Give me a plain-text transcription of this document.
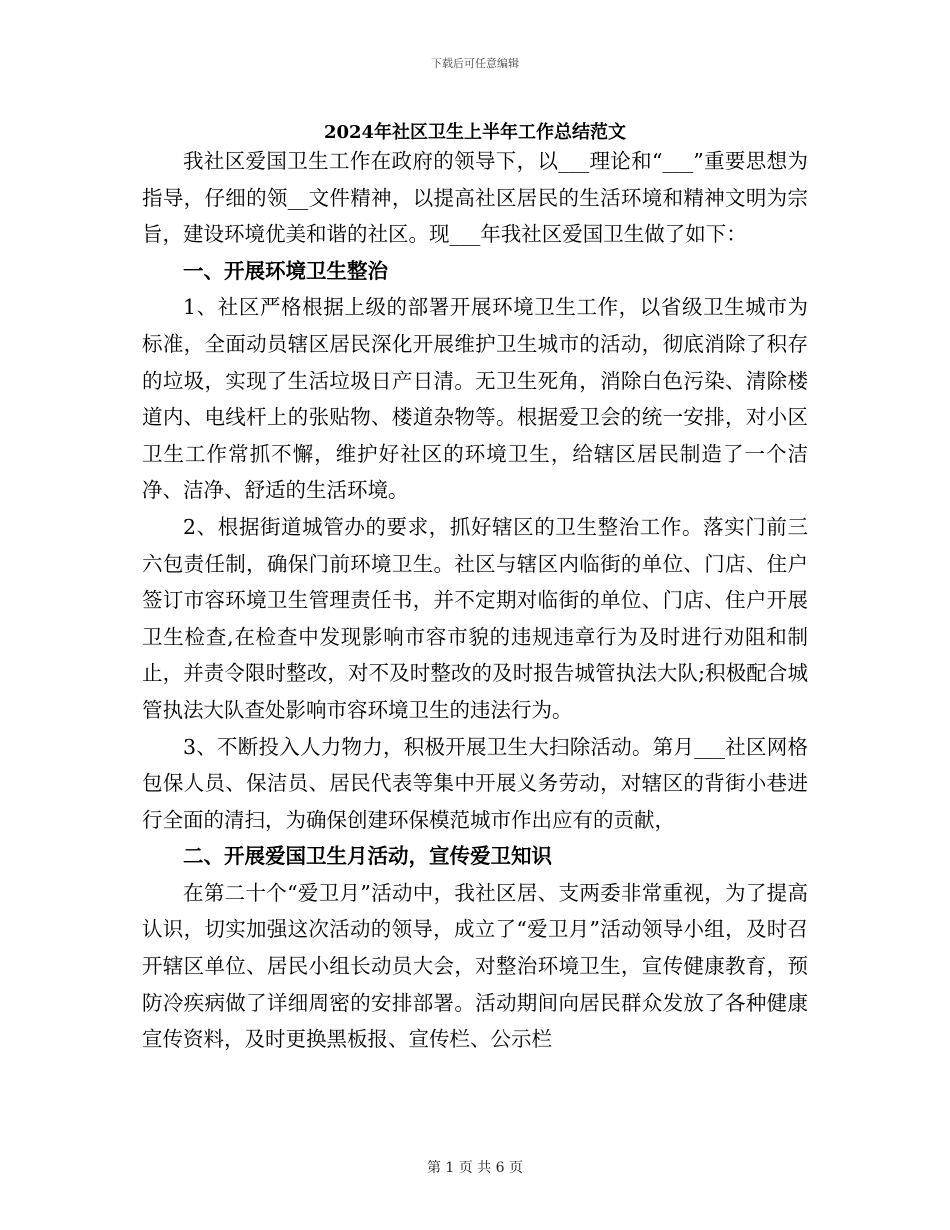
下载后可任意编辑
2024年社区卫生上半年工作总结范文

我社区爱国卫生工作在政府的领导下，以___理论和“___”重要思想为指导，仔细的领__文件精神，以提高社区居民的生活环境和精神文明为宗旨，建设环境优美和谐的社区。现___年我社区爱国卫生做了如下：

一、开展环境卫生整治

1、社区严格根据上级的部署开展环境卫生工作，以省级卫生城市为标准，全面动员辖区居民深化开展维护卫生城市的活动，彻底消除了积存的垃圾，实现了生活垃圾日产日清。无卫生死角，消除白色污染、清除楼道内、电线杆上的张贴物、楼道杂物等。根据爱卫会的统一安排，对小区卫生工作常抓不懈，维护好社区的环境卫生，给辖区居民制造了一个洁净、洁净、舒适的生活环境。

2、根据街道城管办的要求，抓好辖区的卫生整治工作。落实门前三六包责任制，确保门前环境卫生。社区与辖区内临街的单位、门店、住户签订市容环境卫生管理责任书，并不定期对临街的单位、门店、住户开展卫生检查,在检查中发现影响市容市貌的违规违章行为及时进行劝阻和制止，并责令限时整改，对不及时整改的及时报告城管执法大队;积极配合城管执法大队查处影响市容环境卫生的违法行为。

3、不断投入人力物力，积极开展卫生大扫除活动。第月___社区网格包保人员、保洁员、居民代表等集中开展义务劳动，对辖区的背街小巷进行全面的清扫，为确保创建环保模范城市作出应有的贡献，

二、开展爱国卫生月活动，宣传爱卫知识

在第二十个“爱卫月”活动中，我社区居、支两委非常重视，为了提高认识，切实加强这次活动的领导，成立了“爱卫月”活动领导小组，及时召开辖区单位、居民小组长动员大会，对整治环境卫生，宣传健康教育，预防冷疾病做了详细周密的安排部署。活动期间向居民群众发放了各种健康宣传资料，及时更换黑板报、宣传栏、公示栏

第 1 页 共 6 页
